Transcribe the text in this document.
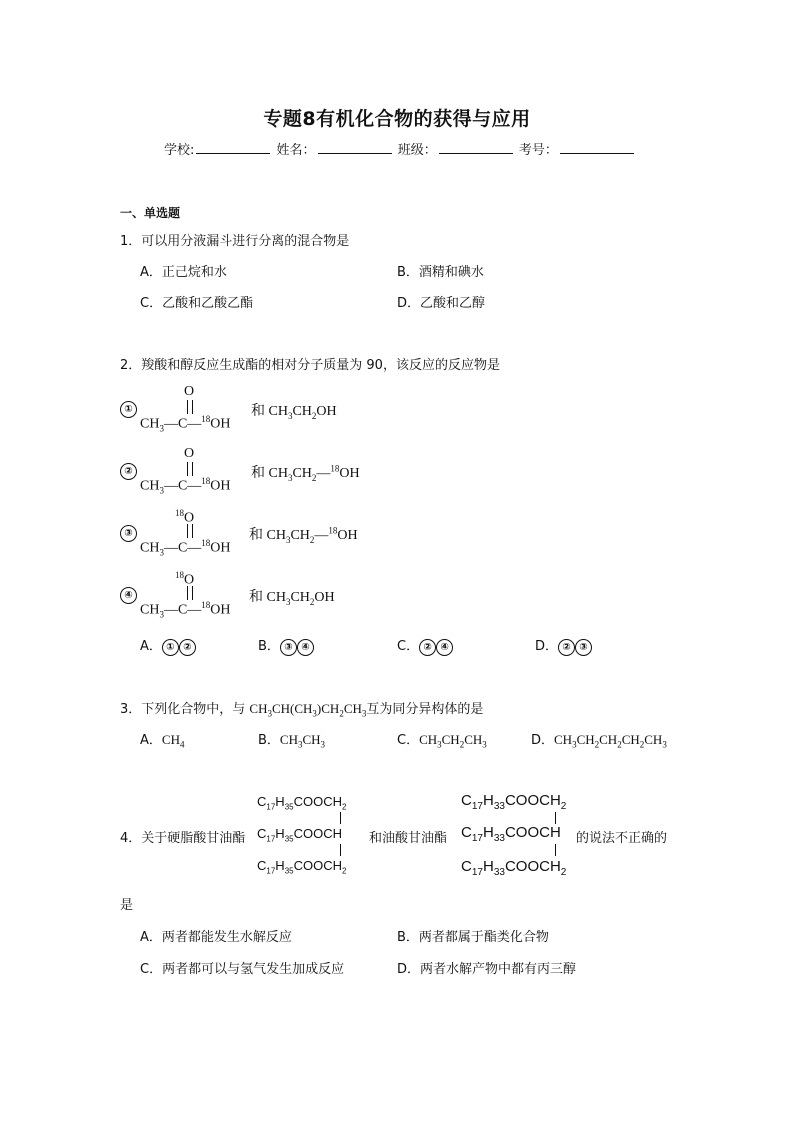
专题8有机化合物的获得与应用
学校:	姓名：	班级：	考号：
一、单选题
1．可以用分液漏斗进行分离的混合物是
A．正己烷和水	B．酒精和碘水
C．乙酸和乙酸乙酯	D．乙酸和乙醇
2．羧酸和醇反应生成酯的相对分子质量为 90，该反应的反应物是
①
O
$CH_3—C—^{18}OH$
和 $CH_3CH_2OH$
②
O
$CH_3—C—^{18}OH$
和 $CH_3CH_2—^{18}OH$
③
$^{18}$O
$CH_3—C—^{18}OH$
和 $CH_3CH_2—^{18}OH$
④
$^{18}$O
$CH_3—C—^{18}OH$
和 $CH_3CH_2OH$
A． ① ②	B． ③ ④	C． ② ④	D． ② ③
3．下列化合物中，与 $CH_3CH(CH_3)CH_2CH_3$互为同分异构体的是
A．$CH_4$	B．$CH_3CH_3$	C．$CH_3CH_2CH_3$	D．$CH_3CH_2CH_2CH_2CH_3$
4．关于硬脂酸甘油酯
$C_{17}H_{35}COOCH_2$
$C_{17}H_{35}COOCH$
$C_{17}H_{35}COOCH_2$
和油酸甘油酯
$C_{17}H_{33}COOCH_2$
$C_{17}H_{33}COOCH$
$C_{17}H_{33}COOCH_2$
的说法不正确的
是
A．两者都能发生水解反应	B．两者都属于酯类化合物
C．两者都可以与氢气发生加成反应	D．两者水解产物中都有丙三醇
